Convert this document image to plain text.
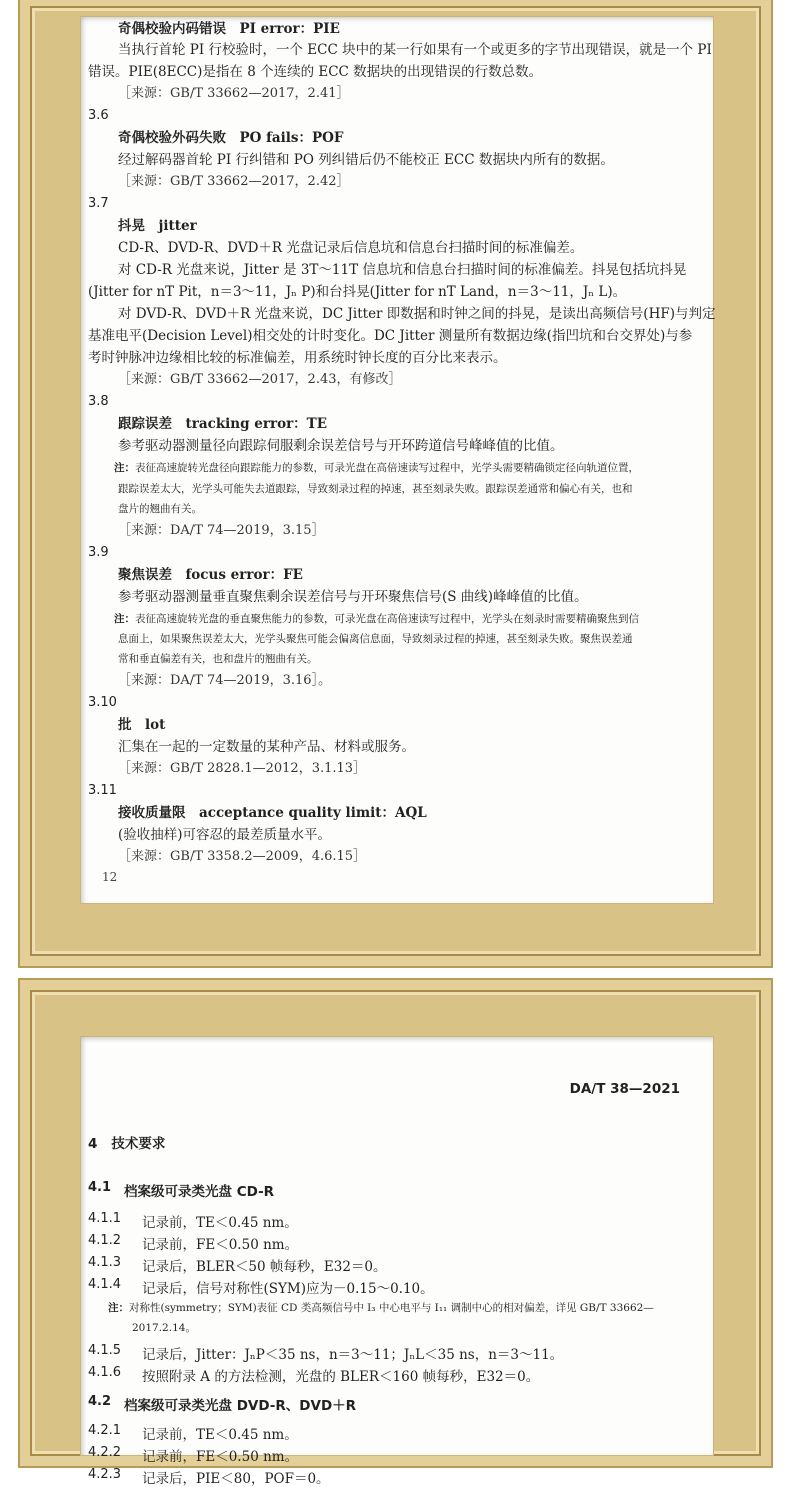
奇偶校验内码错误　PI error：PIE
当执行首轮 PI 行校验时，一个 ECC 块中的某一行如果有一个或更多的字节出现错误，就是一个 PI
错误。PIE(8ECC)是指在 8 个连续的 ECC 数据块的出现错误的行数总数。
［来源：GB/T 33662—2017，2.41］
3.6
奇偶校验外码失败　PO fails：POF
经过解码器首轮 PI 行纠错和 PO 列纠错后仍不能校正 ECC 数据块内所有的数据。
［来源：GB/T 33662—2017，2.42］
3.7
抖晃　jitter
CD-R、DVD-R、DVD＋R 光盘记录后信息坑和信息台扫描时间的标准偏差。
对 CD-R 光盘来说，Jitter 是 3T～11T 信息坑和信息台扫描时间的标准偏差。抖晃包括坑抖晃
(Jitter for nT Pit，n＝3～11，Jₙ P)和台抖晃(Jitter for nT Land，n＝3～11，Jₙ L)。
对 DVD-R、DVD＋R 光盘来说，DC Jitter 即数据和时钟之间的抖晃，是读出高频信号(HF)与判定
基准电平(Decision Level)相交处的计时变化。DC Jitter 测量所有数据边缘(指凹坑和台交界处)与参
考时钟脉冲边缘相比较的标准偏差，用系统时钟长度的百分比来表示。
［来源：GB/T 33662—2017，2.43，有修改］
3.8
跟踪误差　tracking error：TE
参考驱动器测量径向跟踪伺服剩余误差信号与开环跨道信号峰峰值的比值。
注：表征高速旋转光盘径向跟踪能力的参数，可录光盘在高倍速读写过程中，光学头需要精确锁定径向轨道位置，
跟踪误差太大，光学头可能失去道跟踪，导致刻录过程的掉速，甚至刻录失败。跟踪误差通常和偏心有关，也和
盘片的翘曲有关。
［来源：DA/T 74—2019，3.15］
3.9
聚焦误差　focus error：FE
参考驱动器测量垂直聚焦剩余误差信号与开环聚焦信号(S 曲线)峰峰值的比值。
注：表征高速旋转光盘的垂直聚焦能力的参数，可录光盘在高倍速读写过程中，光学头在刻录时需要精确聚焦到信
息面上，如果聚焦误差太大，光学头聚焦可能会偏离信息面，导致刻录过程的掉速，甚至刻录失败。聚焦误差通
常和垂直偏差有关，也和盘片的翘曲有关。
［来源：DA/T 74—2019，3.16］。
3.10
批　lot
汇集在一起的一定数量的某种产品、材料或服务。
［来源：GB/T 2828.1—2012，3.1.13］
3.11
接收质量限　acceptance quality limit：AQL
(验收抽样)可容忍的最差质量水平。
［来源：GB/T 3358.2—2009，4.6.15］
12
DA/T 38—2021
4 技术要求
4.1 档案级可录类光盘 CD-R
4.1.1 记录前，TE＜0.45 nm。
4.1.2 记录前，FE＜0.50 nm。
4.1.3 记录后，BLER＜50 帧每秒，E32＝0。
4.1.4 记录后，信号对称性(SYM)应为－0.15～0.10。
注：对称性(symmetry；SYM)表征 CD 类高频信号中 I₃ 中心电平与 I₁₁ 调制中心的相对偏差，详见 GB/T 33662—
2017.2.14。
4.1.5 记录后，Jitter：JₙP＜35 ns，n＝3～11；JₙL＜35 ns，n＝3～11。
4.1.6 按照附录 A 的方法检测，光盘的 BLER＜160 帧每秒，E32＝0。
4.2 档案级可录类光盘 DVD-R、DVD＋R
4.2.1 记录前，TE＜0.45 nm。
4.2.2 记录前，FE＜0.50 nm。
4.2.3 记录后，PIE＜80，POF＝0。
